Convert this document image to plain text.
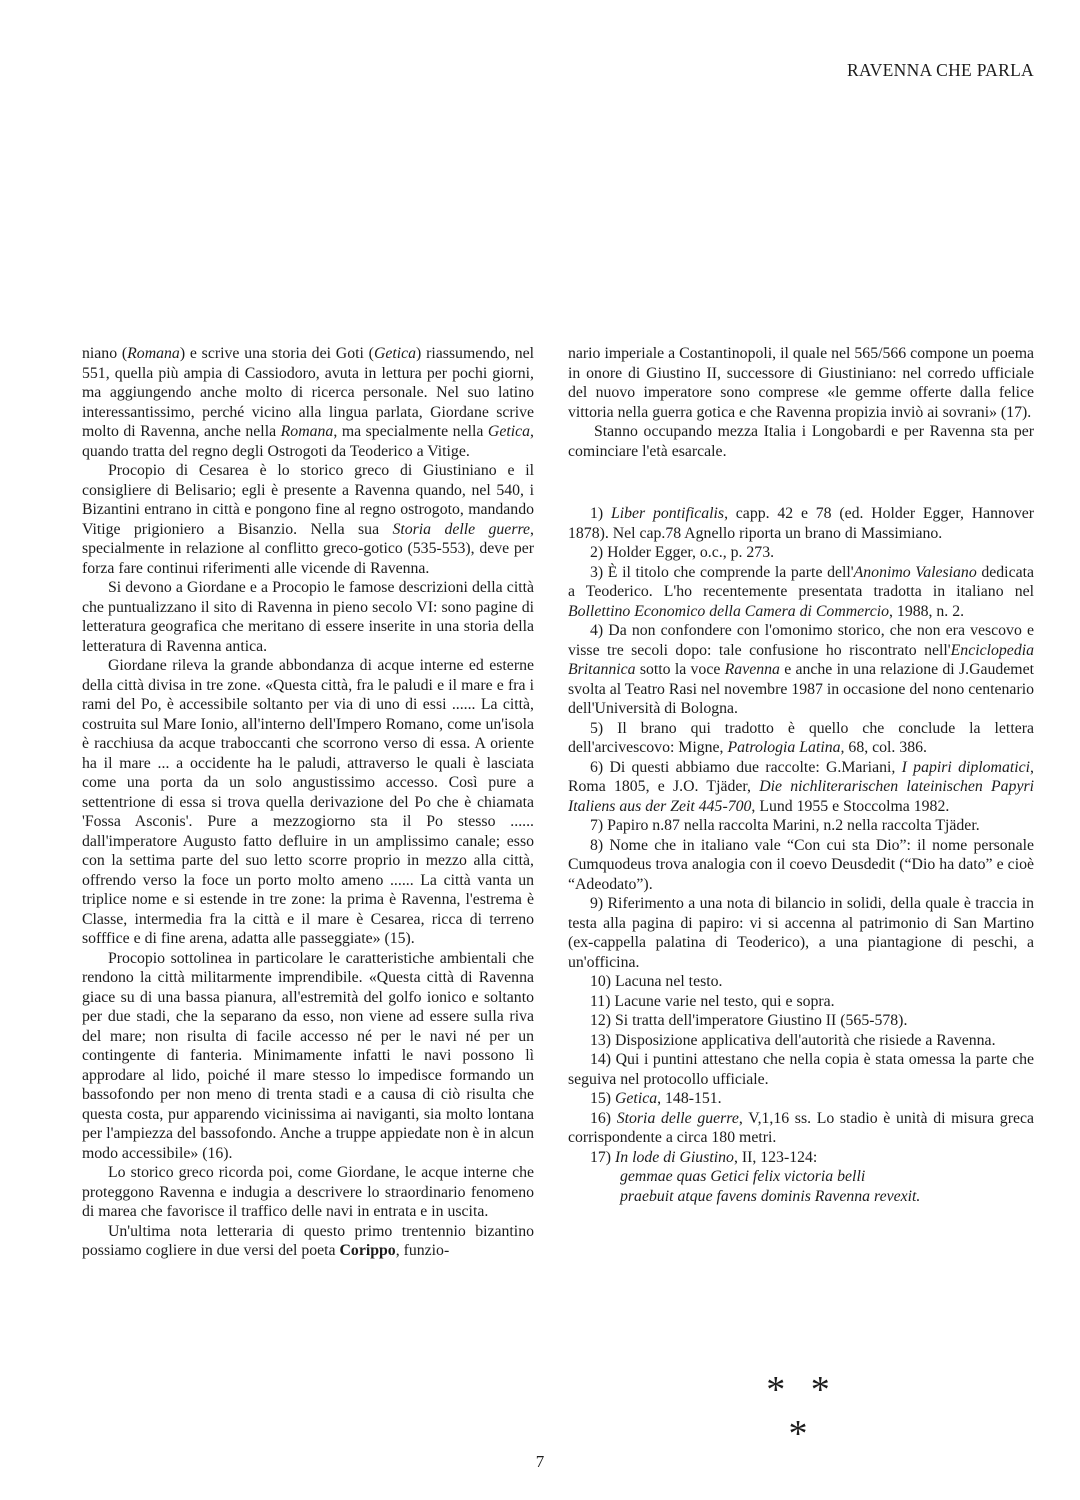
RAVENNA CHE PARLA

niano (Romana) e scrive una storia dei Goti (Getica) riassumendo, nel 551, quella più ampia di Cassiodoro, avuta in lettura per pochi giorni, ma aggiungendo anche molto di ricerca personale. Nel suo latino interessantissimo, perché vicino alla lingua parlata, Giordane scrive molto di Ravenna, anche nella Romana, ma specialmente nella Getica, quando tratta del regno degli Ostrogoti da Teoderico a Vitige.

Procopio di Cesarea è lo storico greco di Giustiniano e il consigliere di Belisario; egli è presente a Ravenna quando, nel 540, i Bizantini entrano in città e pongono fine al regno ostrogoto, mandando Vitige prigioniero a Bisanzio. Nella sua Storia delle guerre, specialmente in relazione al conflitto greco-gotico (535-553), deve per forza fare continui riferimenti alle vicende di Ravenna.

Si devono a Giordane e a Procopio le famose descrizioni della città che puntualizzano il sito di Ravenna in pieno secolo VI: sono pagine di letteratura geografica che meritano di essere inserite in una storia della letteratura di Ravenna antica.

Giordane rileva la grande abbondanza di acque interne ed esterne della città divisa in tre zone. «Questa città, fra le paludi e il mare e fra i rami del Po, è accessibile soltanto per via di uno di essi ...... La città, costruita sul Mare Ionio, all'interno dell'Impero Romano, come un'isola è racchiusa da acque traboccanti che scorrono verso di essa. A oriente ha il mare ... a occidente ha le paludi, attraverso le quali è lasciata come una porta da un solo angustissimo accesso. Così pure a settentrione di essa si trova quella derivazione del Po che è chiamata 'Fossa Asconis'. Pure a mezzogiorno sta il Po stesso ...... dall'imperatore Augusto fatto defluire in un amplissimo canale; esso con la settima parte del suo letto scorre proprio in mezzo alla città, offrendo verso la foce un porto molto ameno ...... La città vanta un triplice nome e si estende in tre zone: la prima è Ravenna, l'estrema è Classe, intermedia fra la città e il mare è Cesarea, ricca di terreno sofffice e di fine arena, adatta alle passeggiate» (15).

Procopio sottolinea in particolare le caratteristiche ambientali che rendono la città militarmente imprendibile. «Questa città di Ravenna giace su di una bassa pianura, all'estremità del golfo ionico e soltanto per due stadi, che la separano da esso, non viene ad essere sulla riva del mare; non risulta di facile accesso né per le navi né per un contingente di fanteria. Minimamente infatti le navi possono lì approdare al lido, poiché il mare stesso lo impedisce formando un bassofondo per non meno di trenta stadi e a causa di ciò risulta che questa costa, pur apparendo vicinissima ai naviganti, sia molto lontana per l'ampiezza del bassofondo. Anche a truppe appiedate non è in alcun modo accessibile» (16).

Lo storico greco ricorda poi, come Giordane, le acque interne che proteggono Ravenna e indugia a descrivere lo straordinario fenomeno di marea che favorisce il traffico delle navi in entrata e in uscita.

Un'ultima nota letteraria di questo primo trentennio bizantino possiamo cogliere in due versi del poeta Corippo, funzio-

nario imperiale a Costantinopoli, il quale nel 565/566 compone un poema in onore di Giustino II, successore di Giustiniano: nel corredo ufficiale del nuovo imperatore sono comprese «le gemme offerte dalla felice vittoria nella guerra gotica e che Ravenna propizia inviò ai sovrani» (17).

Stanno occupando mezza Italia i Longobardi e per Ravenna sta per cominciare l'età esarcale.

1) Liber pontificalis, capp. 42 e 78 (ed. Holder Egger, Hannover 1878). Nel cap.78 Agnello riporta un brano di Massimiano.

2) Holder Egger, o.c., p. 273.

3) È il titolo che comprende la parte dell'Anonimo Valesiano dedicata a Teoderico. L'ho recentemente presentata tradotta in italiano nel Bollettino Economico della Camera di Commercio, 1988, n. 2.

4) Da non confondere con l'omonimo storico, che non era vescovo e visse tre secoli dopo: tale confusione ho riscontrato nell'Enciclopedia Britannica sotto la voce Ravenna e anche in una relazione di J.Gaudemet svolta al Teatro Rasi nel novembre 1987 in occasione del nono centenario dell'Università di Bologna.

5) Il brano qui tradotto è quello che conclude la lettera dell'arcivescovo: Migne, Patrologia Latina, 68, col. 386.

6) Di questi abbiamo due raccolte: G.Mariani, I papiri diplomatici, Roma 1805, e J.O. Tjäder, Die nichliterarischen lateinischen Papyri Italiens aus der Zeit 445-700, Lund 1955 e Stoccolma 1982.

7) Papiro n.87 nella raccolta Marini, n.2 nella raccolta Tjäder.

8) Nome che in italiano vale “Con cui sta Dio”: il nome personale Cumquodeus trova analogia con il coevo Deusdedit (“Dio ha dato” e cioè “Adeodato”).

9) Riferimento a una nota di bilancio in solidi, della quale è traccia in testa alla pagina di papiro: vi si accenna al patrimonio di San Martino (ex-cappella palatina di Teoderico), a una piantagione di peschi, a un'officina.

10) Lacuna nel testo.

11) Lacune varie nel testo, qui e sopra.

12) Si tratta dell'imperatore Giustino II (565-578).

13) Disposizione applicativa dell'autorità che risiede a Ravenna.

14) Qui i puntini attestano che nella copia è stata omessa la parte che seguiva nel protocollo ufficiale.

15) Getica, 148-151.

16) Storia delle guerre, V,1,16 ss. Lo stadio è unità di misura greca corrispondente a circa 180 metri.

17) In lode di Giustino, II, 123-124:

gemmae quas Getici felix victoria belli

praebuit atque favens dominis Ravenna revexit.

* * *
7
